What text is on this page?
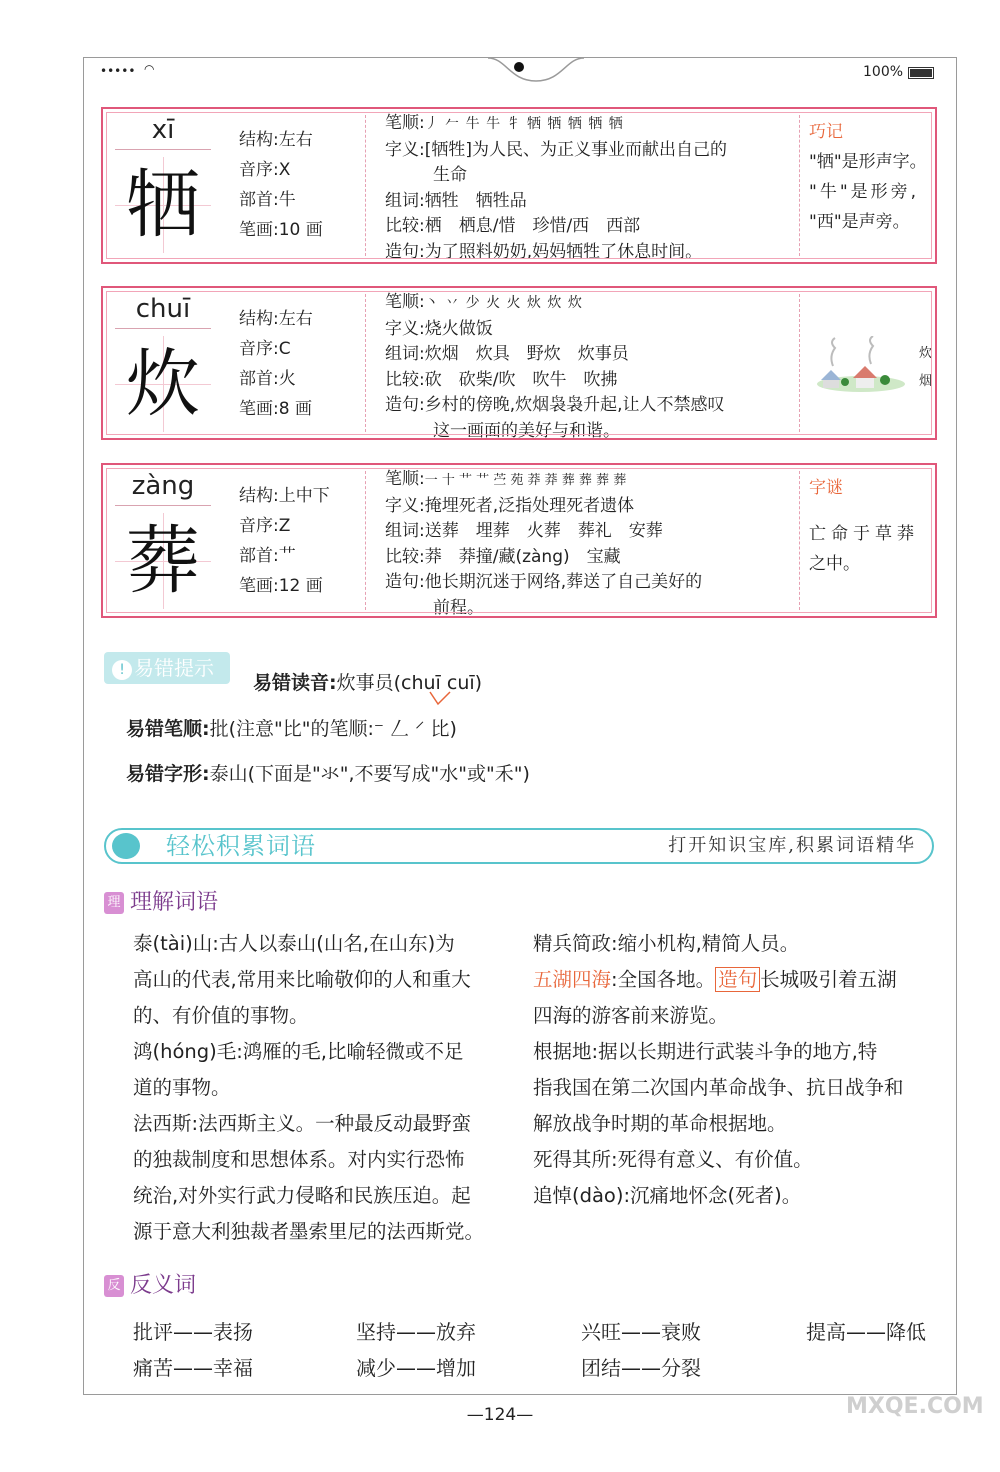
••••• ◠	100%
xī
牺
结构:左右
音序:X
部首:牛
笔画:10 画
笔顺:丿 𠂉 牛 牛 牜 牺 牺 牺 牺 牺
字义:[牺牲]为人民、为正义事业而献出自己的
生命
组词:牺牲　牺牲品
比较:栖　栖息/惜　珍惜/西　西部
造句:为了照料奶奶,妈妈牺牲了休息时间。
巧记
"牺"是形声字。
"牛"是形旁,
"西"是声旁。
chuī
炊
结构:左右
音序:C
部首:火
笔画:8 画
笔顺:丶 丷 少 火 火 炏 炊 炊
字义:烧火做饭
组词:炊烟　炊具　野炊　炊事员
比较:砍　砍柴/吹　吹牛　吹拂
造句:乡村的傍晚,炊烟袅袅升起,让人不禁感叹
这一画面的美好与和谐。
炊
烟
zàng
葬
结构:上中下
音序:Z
部首:艹
笔画:12 画
笔顺:一 十 艹 艹 苎 苑 莽 莽 葬 葬 葬 葬
字义:掩埋死者,泛指处理死者遗体
组词:送葬　埋葬　火葬　葬礼　安葬
比较:莽　莽撞/藏(zàng)　宝藏
造句:他长期沉迷于网络,葬送了自己美好的
前程。
字谜
亡命于草莽
之中。
! 易错提示
易错读音:炊事员(chuī cuī)
易错笔顺:批(注意"比"的笔顺:⁻ 𠃋 ⸍ 比)
易错字形:泰山(下面是"氺",不要写成"水"或"禾")
轻松积累词语	打开知识宝库,积累词语精华
理 理解词语
泰(tài)山:古人以泰山(山名,在山东)为
高山的代表,常用来比喻敬仰的人和重大
的、有价值的事物。
鸿(hóng)毛:鸿雁的毛,比喻轻微或不足
道的事物。
法西斯:法西斯主义。一种最反动最野蛮
的独裁制度和思想体系。对内实行恐怖
统治,对外实行武力侵略和民族压迫。起
源于意大利独裁者墨索里尼的法西斯党。
精兵简政:缩小机构,精简人员。
五湖四海:全国各地。 造句 长城吸引着五湖
四海的游客前来游览。
根据地:据以长期进行武装斗争的地方,特
指我国在第二次国内革命战争、抗日战争和
解放战争时期的革命根据地。
死得其所:死得有意义、有价值。
追悼(dào):沉痛地怀念(死者)。
反 反义词
批评——表扬	坚持——放弃	兴旺——衰败	提高——降低
痛苦——幸福	减少——增加	团结——分裂
—124—	MXQE.COM
